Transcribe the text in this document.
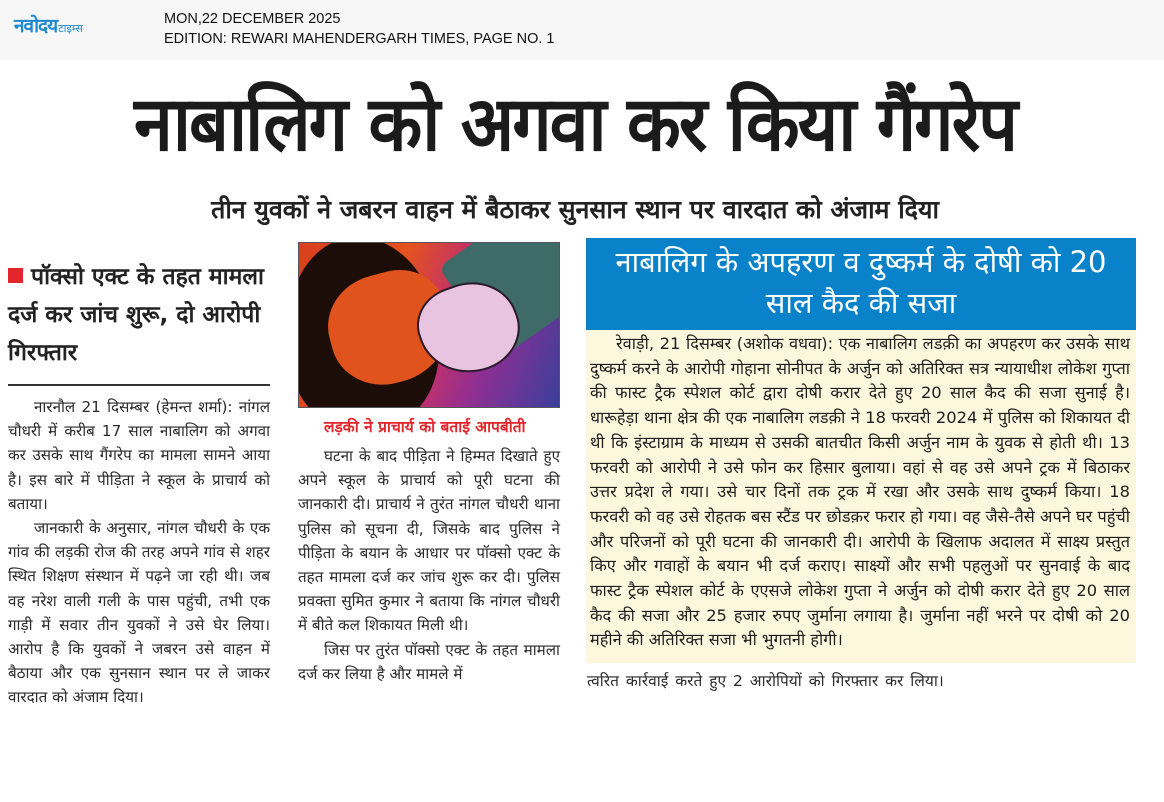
नवोदय टाइम्स
MON,22 DECEMBER 2025
EDITION: REWARI MAHENDERGARH TIMES, PAGE NO. 1
नाबालिग को अगवा कर किया गैंगरेप
तीन युवकों ने जबरन वाहन में बैठाकर सुनसान स्थान पर वारदात को अंजाम दिया
पॉक्सो एक्ट के तहत मामला दर्ज कर जांच शुरू, दो आरोपी गिरफ्तार

नारनौल 21 दिसम्बर (हेमन्त शर्मा): नांगल चौधरी में करीब 17 साल नाबालिग को अगवा कर उसके साथ गैंगरेप का मामला सामने आया है। इस बारे में पीड़िता ने स्कूल के प्राचार्य को बताया।

जानकारी के अनुसार, नांगल चौधरी के एक गांव की लड़की रोज की तरह अपने गांव से शहर स्थित शिक्षण संस्थान में पढ़ने जा रही थी। जब वह नरेश वाली गली के पास पहुंची, तभी एक गाड़ी में सवार तीन युवकों ने उसे घेर लिया। आरोप है कि युवकों ने जबरन उसे वाहन में बैठाया और एक सुनसान स्थान पर ले जाकर वारदात को अंजाम दिया।

लड़की ने प्राचार्य को बताई आपबीती

घटना के बाद पीड़िता ने हिम्मत दिखाते हुए अपने स्कूल के प्राचार्य को पूरी घटना की जानकारी दी। प्राचार्य ने तुरंत नांगल चौधरी थाना पुलिस को सूचना दी, जिसके बाद पुलिस ने पीड़िता के बयान के आधार पर पॉक्सो एक्ट के तहत मामला दर्ज कर जांच शुरू कर दी। पुलिस प्रवक्ता सुमित कुमार ने बताया कि नांगल चौधरी में बीते कल शिकायत मिली थी।

जिस पर तुरंत पॉक्सो एक्ट के तहत मामला दर्ज कर लिया है और मामले में

नाबालिग के अपहरण व दुष्कर्म के दोषी को 20 साल कैद की सजा

रेवाड़ी, 21 दिसम्बर (अशोक वधवा): एक नाबालिग लडक़ी का अपहरण कर उसके साथ दुष्कर्म करने के आरोपी गोहाना सोनीपत के अर्जुन को अतिरिक्त सत्र न्यायाधीश लोकेश गुप्ता की फास्ट ट्रैक स्पेशल कोर्ट द्वारा दोषी करार देते हुए 20 साल कैद की सजा सुनाई है। धारूहेड़ा थाना क्षेत्र की एक नाबालिग लडक़ी ने 18 फरवरी 2024 में पुलिस को शिकायत दी थी कि इंस्टाग्राम के माध्यम से उसकी बातचीत किसी अर्जुन नाम के युवक से होती थी। 13 फरवरी को आरोपी ने उसे फोन कर हिसार बुलाया। वहां से वह उसे अपने ट्रक में बिठाकर उत्तर प्रदेश ले गया। उसे चार दिनों तक ट्रक में रखा और उसके साथ दुष्कर्म किया। 18 फरवरी को वह उसे रोहतक बस स्टैंड पर छोडक़र फरार हो गया। वह जैसे-तैसे अपने घर पहुंची और परिजनों को पूरी घटना की जानकारी दी। आरोपी के खिलाफ अदालत में साक्ष्य प्रस्तुत किए और गवाहों के बयान भी दर्ज कराए। साक्ष्यों और सभी पहलुओं पर सुनवाई के बाद फास्ट ट्रैक स्पेशल कोर्ट के एएसजे लोकेश गुप्ता ने अर्जुन को दोषी करार देते हुए 20 साल कैद की सजा और 25 हजार रुपए जुर्माना लगाया है। जुर्माना नहीं भरने पर दोषी को 20 महीने की अतिरिक्त सजा भी भुगतनी होगी।

त्वरित कार्रवाई करते हुए 2 आरोपियों को गिरफ्तार कर लिया।
